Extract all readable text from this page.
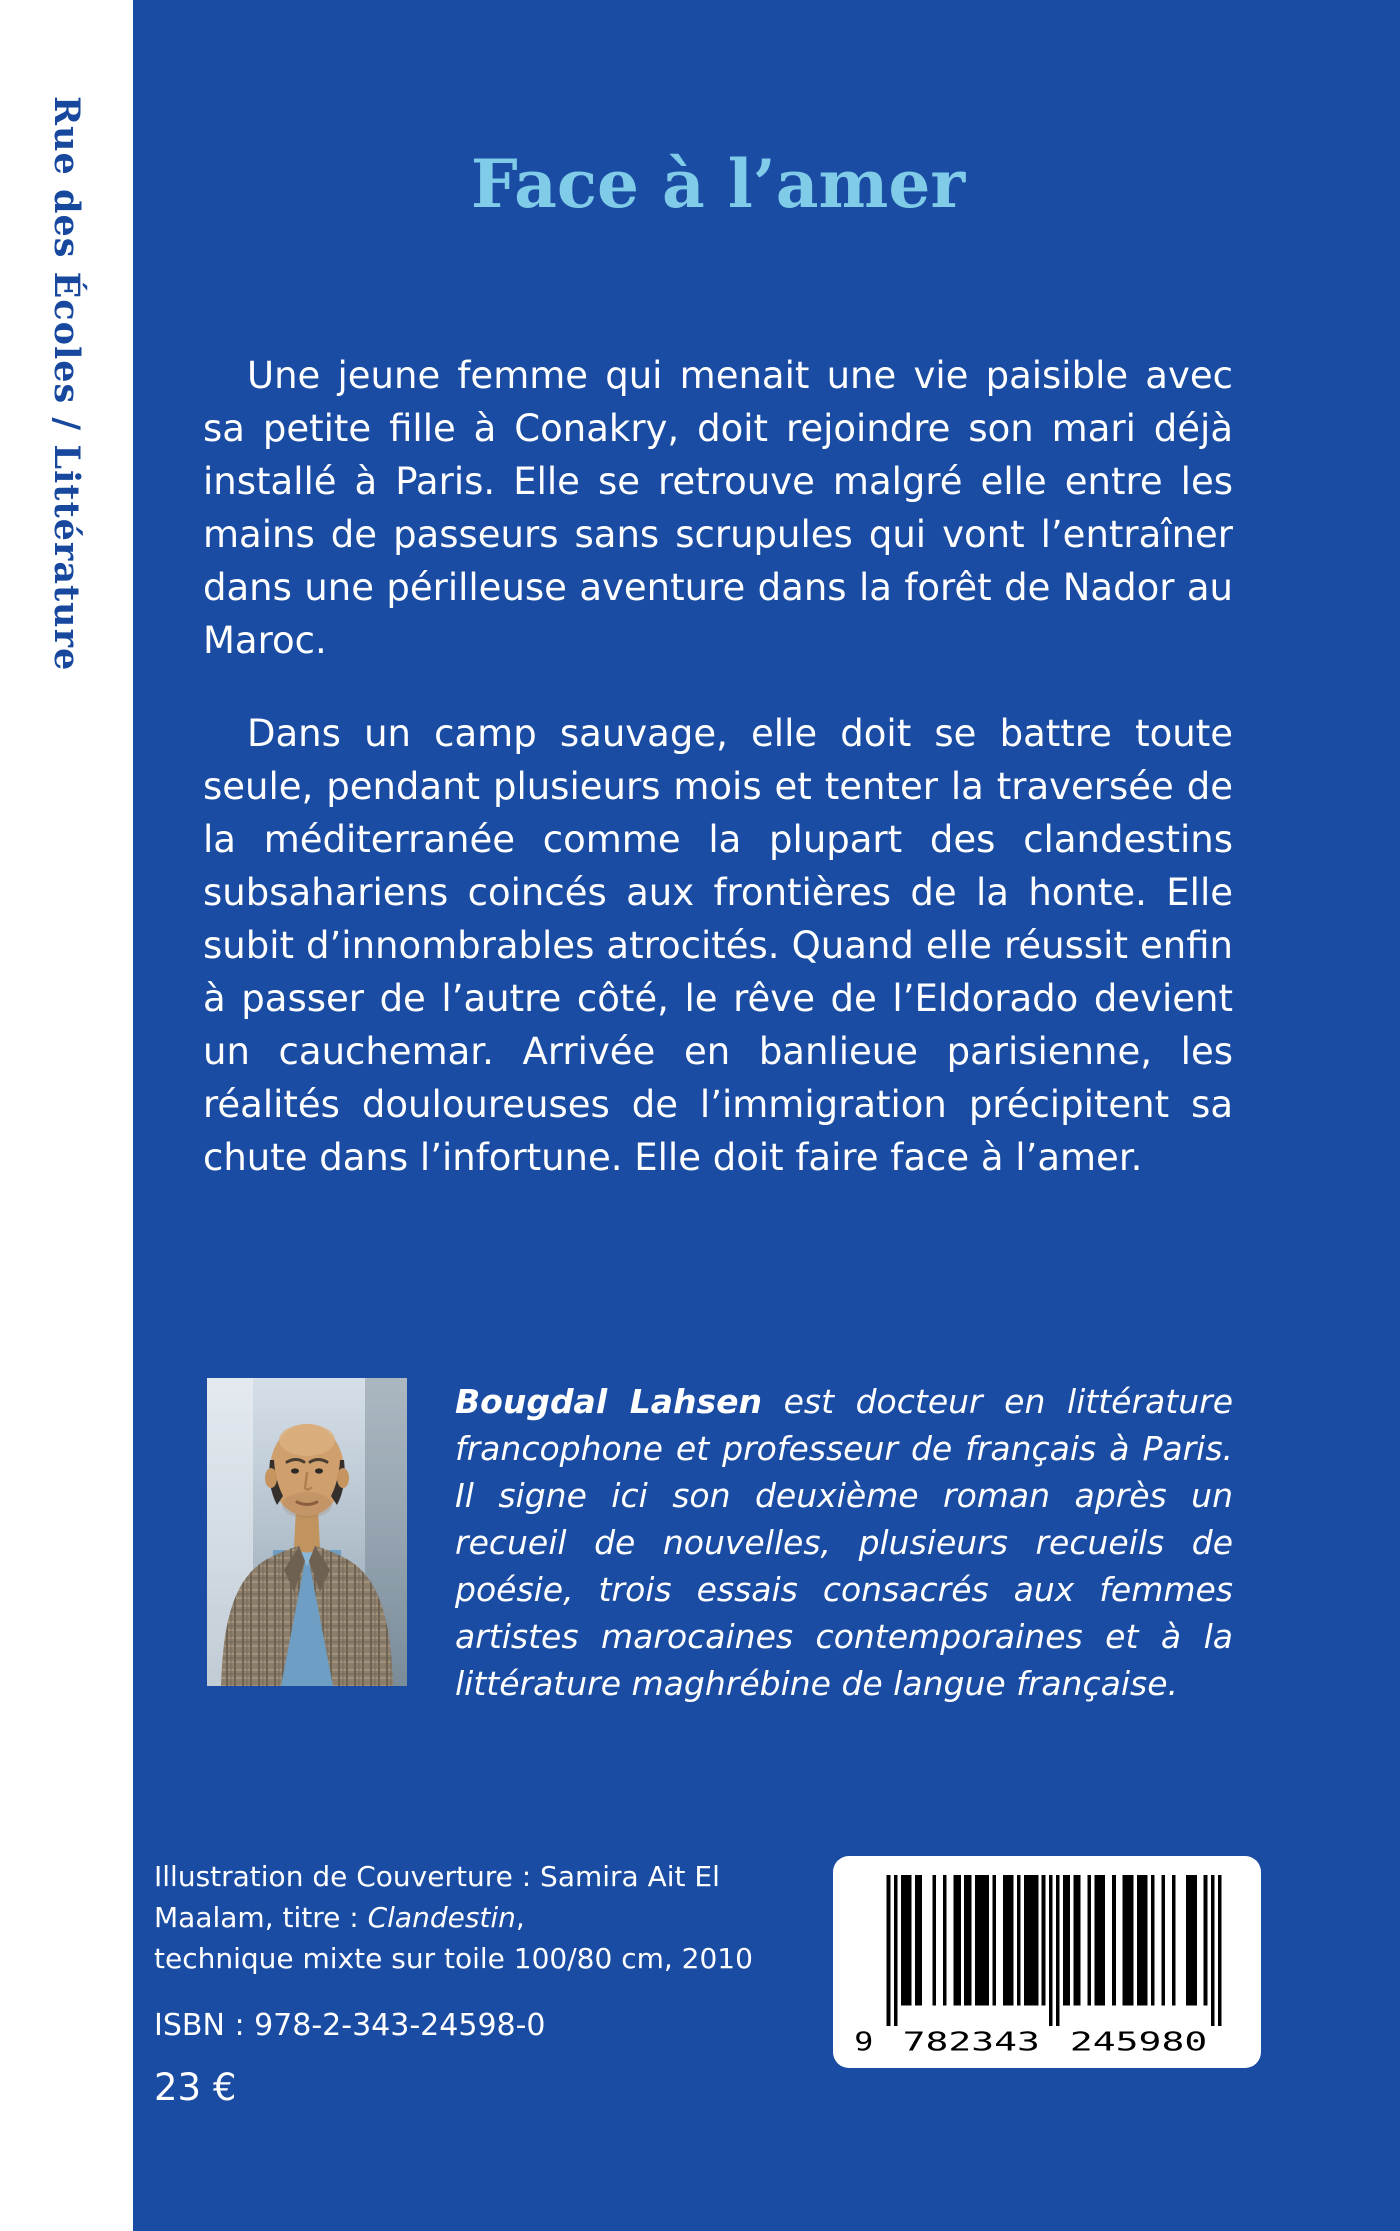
Rue des Écoles / Littérature	Face à l’amer

Une jeune femme qui menait une vie paisible avec sa petite fille à Conakry, doit rejoindre son mari déjà installé à Paris. Elle se retrouve malgré elle entre les mains de passeurs sans scrupules qui vont l’entraîner dans une périlleuse aventure dans la forêt de Nador au Maroc.

Dans un camp sauvage, elle doit se battre toute seule, pendant plusieurs mois et tenter la traversée de la méditerranée comme la plupart des clandestins subsahariens coincés aux frontières de la honte. Elle subit d’innombrables atrocités. Quand elle réussit enfin à passer de l’autre côté, le rêve de l’Eldorado devient un cauchemar. Arrivée en banlieue parisienne, les réalités douloureuses de l’immigration précipitent sa chute dans l’infortune. Elle doit faire face à l’amer.

Bougdal Lahsen est docteur en littérature francophone et professeur de français à Paris. Il signe ici son deuxième roman après un recueil de nouvelles, plusieurs recueils de poésie, trois essais consacrés aux femmes artistes marocaines contemporaines et à la littérature maghrébine de langue française.

Illustration de Couverture : Samira Ait El
Maalam, titre : Clandestin,
technique mixte sur toile 100/80 cm, 2010
ISBN : 978-2-343-24598-0
23 €
9	782343	245980
